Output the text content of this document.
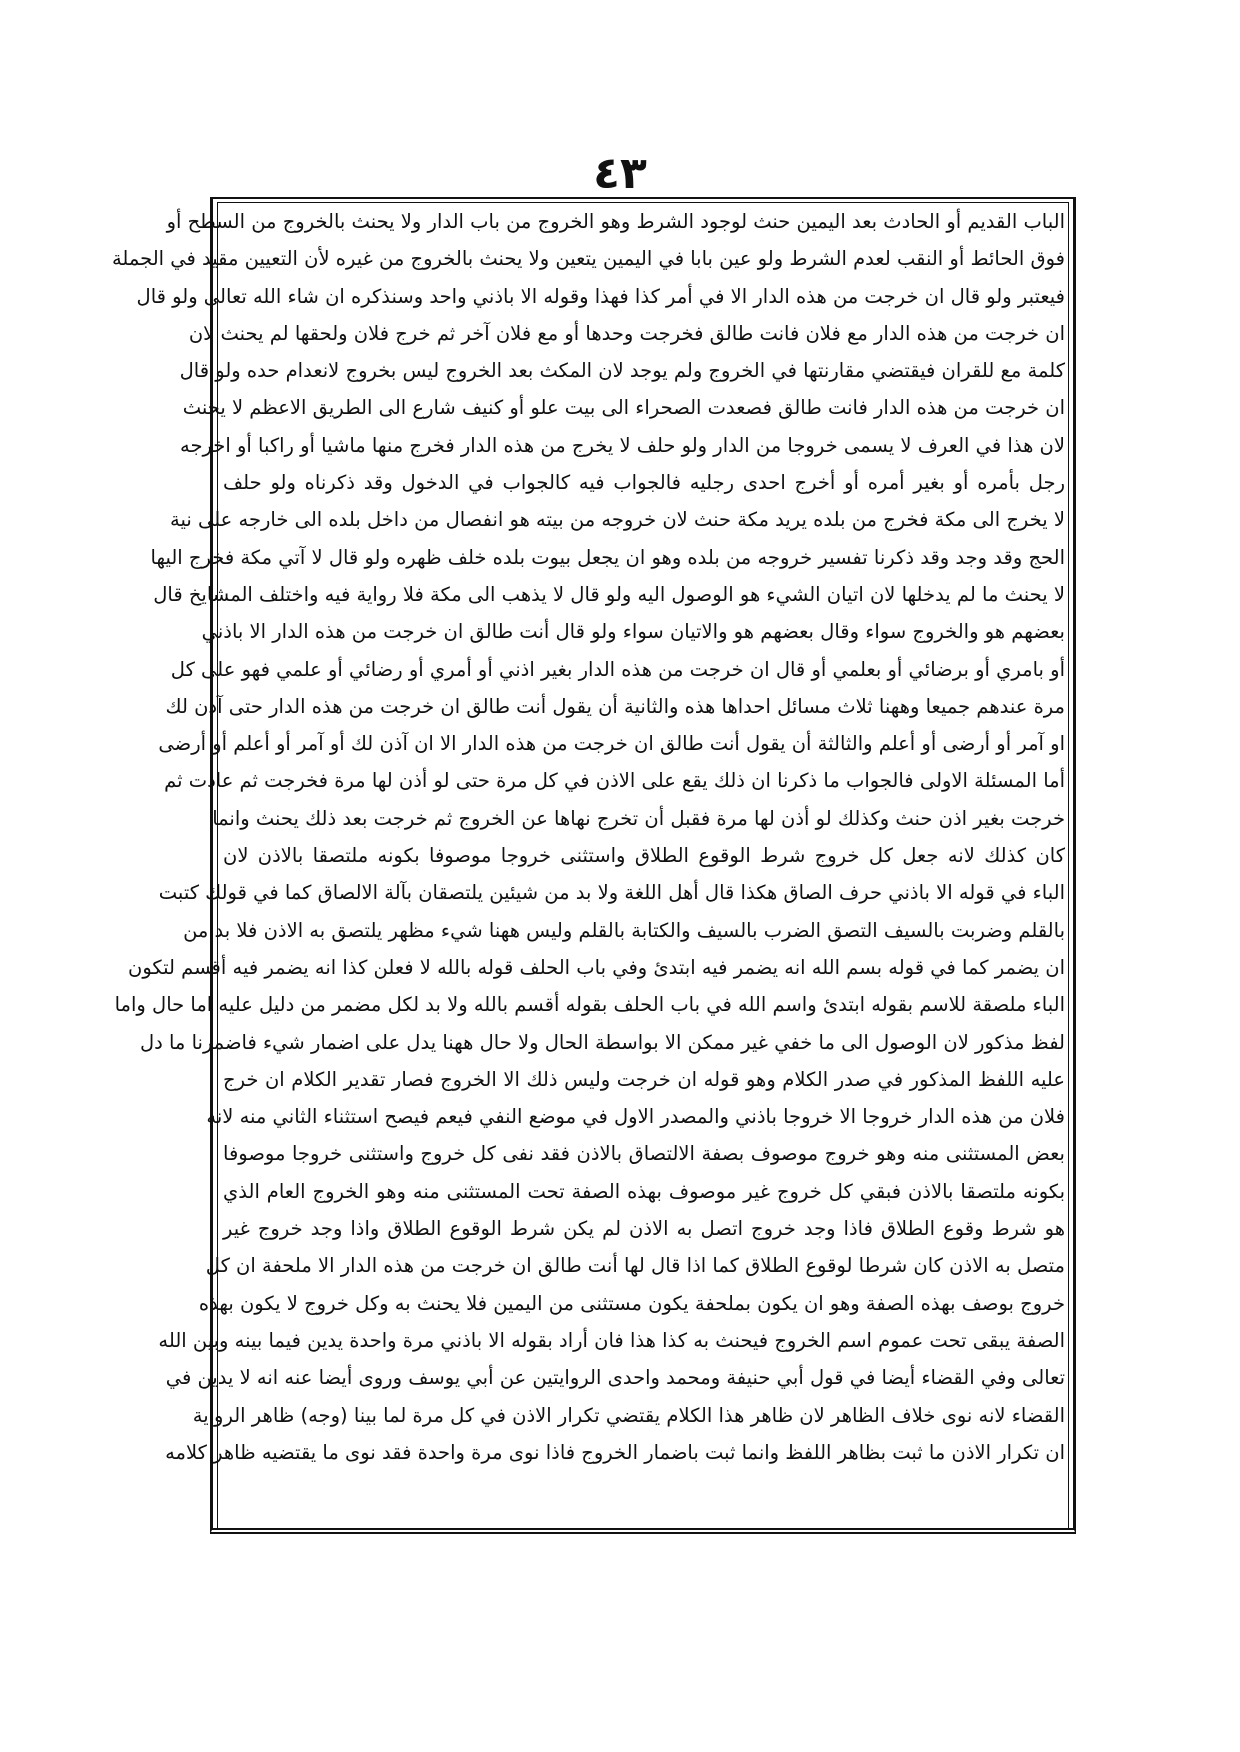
٤٣
الباب القديم أو الحادث بعد اليمين حنث لوجود الشرط وهو الخروج من باب الدار ولا يحنث بالخروج من السطح أو
فوق الحائط أو النقب لعدم الشرط ولو عين بابا في اليمين يتعين ولا يحنث بالخروج من غيره لأن التعيين مقيد في الجملة
فيعتبر ولو قال ان خرجت من هذه الدار الا في أمر كذا فهذا وقوله الا باذني واحد وسنذكره ان شاء الله تعالى ولو قال
ان خرجت من هذه الدار مع فلان فانت طالق فخرجت وحدها أو مع فلان آخر ثم خرج فلان ولحقها لم يحنث لان
كلمة مع للقران فيقتضي مقارنتها في الخروج ولم يوجد لان المكث بعد الخروج ليس بخروج لانعدام حده ولو قال
ان خرجت من هذه الدار فانت طالق فصعدت الصحراء الى بيت علو أو كنيف شارع الى الطريق الاعظم لا يحنث
لان هذا في العرف لا يسمى خروجا من الدار ولو حلف لا يخرج من هذه الدار فخرج منها ماشيا أو راكبا أو اخرجه
رجل بأمره أو بغير أمره أو أخرج احدى رجليه فالجواب فيه كالجواب في الدخول وقد ذكرناه ولو حلف
لا يخرج الى مكة فخرج من بلده يريد مكة حنث لان خروجه من بيته هو انفصال من داخل بلده الى خارجه على نية
الحج وقد وجد وقد ذكرنا تفسير خروجه من بلده وهو ان يجعل بيوت بلده خلف ظهره ولو قال لا آتي مكة فخرج اليها
لا يحنث ما لم يدخلها لان اتيان الشيء هو الوصول اليه ولو قال لا يذهب الى مكة فلا رواية فيه واختلف المشايخ قال
بعضهم هو والخروج سواء وقال بعضهم هو والاتيان سواء ولو قال أنت طالق ان خرجت من هذه الدار الا باذني
أو بامري أو برضائي أو بعلمي أو قال ان خرجت من هذه الدار بغير اذني أو أمري أو رضائي أو علمي فهو على كل
مرة عندهم جميعا وههنا ثلاث مسائل احداها هذه والثانية أن يقول أنت طالق ان خرجت من هذه الدار حتى آذن لك
او آمر أو أرضى أو أعلم والثالثة أن يقول أنت طالق ان خرجت من هذه الدار الا ان آذن لك أو آمر أو أعلم أو أرضى
أما المسئلة الاولى فالجواب ما ذكرنا ان ذلك يقع على الاذن في كل مرة حتى لو أذن لها مرة فخرجت ثم عادت ثم
خرجت بغير اذن حنث وكذلك لو أذن لها مرة فقبل أن تخرج نهاها عن الخروج ثم خرجت بعد ذلك يحنث وانما
كان كذلك لانه جعل كل خروج شرط الوقوع الطلاق واستثنى خروجا موصوفا بكونه ملتصقا بالاذن لان
الباء في قوله الا باذني حرف الصاق هكذا قال أهل اللغة ولا بد من شيئين يلتصقان بآلة الالصاق كما في قولك كتبت
بالقلم وضربت بالسيف التصق الضرب بالسيف والكتابة بالقلم وليس ههنا شيء مظهر يلتصق به الاذن فلا بد من
ان يضمر كما في قوله بسم الله انه يضمر فيه ابتدئ وفي باب الحلف قوله بالله لا فعلن كذا انه يضمر فيه أقسم لتكون
الباء ملصقة للاسم بقوله ابتدئ واسم الله في باب الحلف بقوله أقسم بالله ولا بد لكل مضمر من دليل عليه اما حال واما
لفظ مذكور لان الوصول الى ما خفي غير ممكن الا بواسطة الحال ولا حال ههنا يدل على اضمار شيء فاضمرنا ما دل
عليه اللفظ المذكور في صدر الكلام وهو قوله ان خرجت وليس ذلك الا الخروج فصار تقدير الكلام ان خرج
فلان من هذه الدار خروجا الا خروجا باذني والمصدر الاول في موضع النفي فيعم فيصح استثناء الثاني منه لانه
بعض المستثنى منه وهو خروج موصوف بصفة الالتصاق بالاذن فقد نفى كل خروج واستثنى خروجا موصوفا
بكونه ملتصقا بالاذن فبقي كل خروج غير موصوف بهذه الصفة تحت المستثنى منه وهو الخروج العام الذي
هو شرط وقوع الطلاق فاذا وجد خروج اتصل به الاذن لم يكن شرط الوقوع الطلاق واذا وجد خروج غير
متصل به الاذن كان شرطا لوقوع الطلاق كما اذا قال لها أنت طالق ان خرجت من هذه الدار الا ملحفة ان كل
خروج بوصف بهذه الصفة وهو ان يكون بملحفة يكون مستثنى من اليمين فلا يحنث به وكل خروج لا يكون بهذه
الصفة يبقى تحت عموم اسم الخروج فيحنث به كذا هذا فان أراد بقوله الا باذني مرة واحدة يدين فيما بينه وبين الله
تعالى وفي القضاء أيضا في قول أبي حنيفة ومحمد واحدى الروايتين عن أبي يوسف وروى أيضا عنه انه لا يدين في
القضاء لانه نوى خلاف الظاهر لان ظاهر هذا الكلام يقتضي تكرار الاذن في كل مرة لما بينا (وجه) ظاهر الرواية
ان تكرار الاذن ما ثبت بظاهر اللفظ وانما ثبت باضمار الخروج فاذا نوى مرة واحدة فقد نوى ما يقتضيه ظاهر كلامه
